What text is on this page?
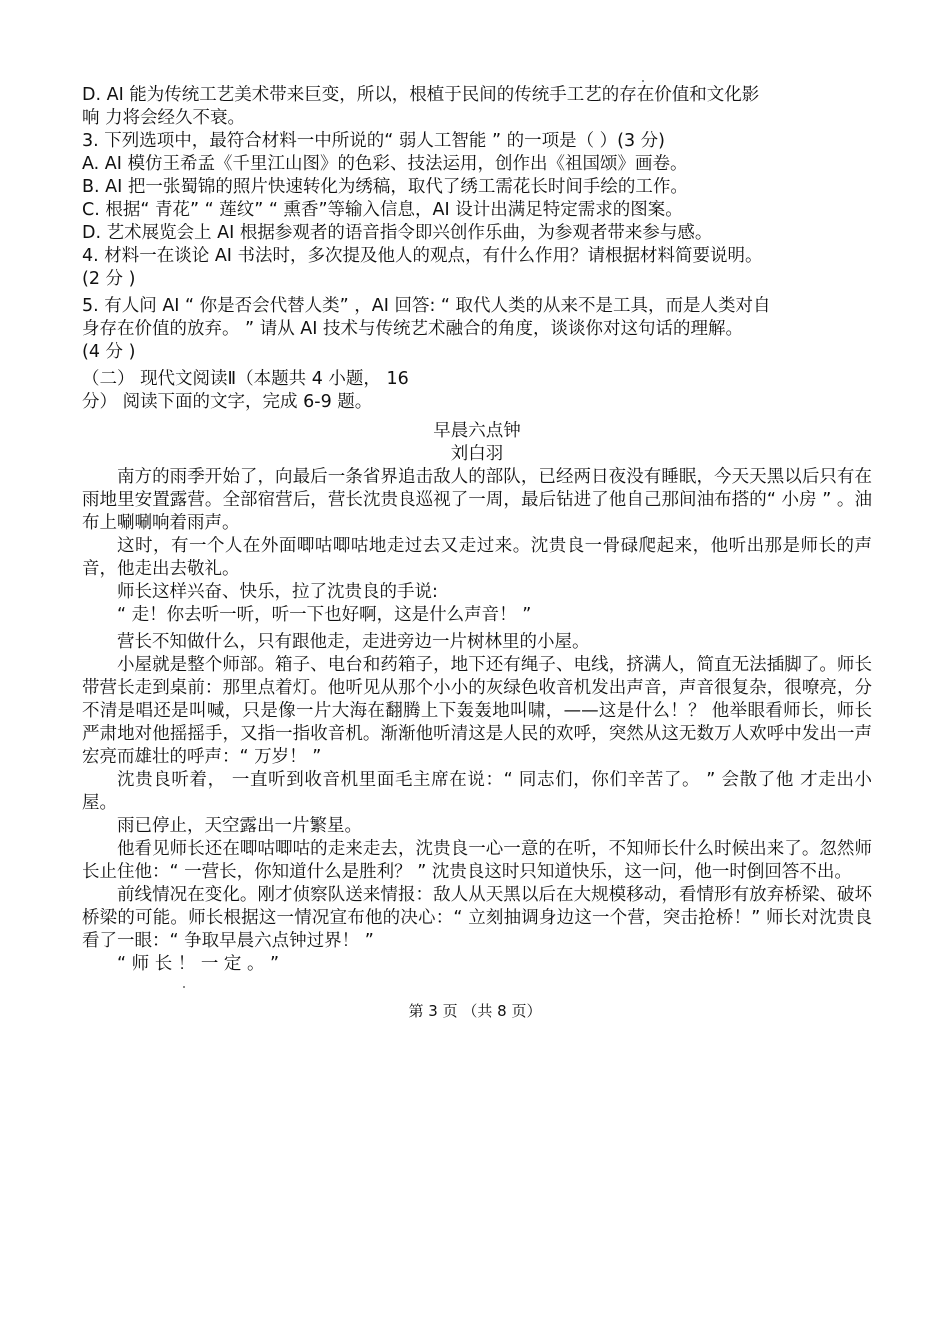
D. AI 能为传统工艺美术带来巨变，所以，根植于民间的传统手工艺的存在价值和文化影

响 力将会经久不衰。

3. 下列选项中，最符合材料一中所说的“ 弱人工智能 ” 的一项是（ ）(3 分)

A. AI 模仿王希孟《千里江山图》的色彩、技法运用，创作出《祖国颂》画卷。

B. AI 把一张蜀锦的照片快速转化为绣稿，取代了绣工需花长时间手绘的工作。

C. 根据“ 青花” “ 莲纹” “ 熏香”等输入信息，AI 设计出满足特定需求的图案。

D. 艺术展览会上 AI 根据参观者的语音指令即兴创作乐曲，为参观者带来参与感。

4. 材料一在谈论 AI 书法时，多次提及他人的观点，有什么作用？请根据材料简要说明。

(2 分 )

5. 有人问 AI “ 你是否会代替人类” ，AI 回答: “ 取代人类的从来不是工具，而是人类对自

身存在价值的放弃。 ” 请从 AI 技术与传统艺术融合的角度，谈谈你对这句话的理解。

(4 分 )

（二） 现代文阅读Ⅱ（本题共 4 小题， 16

分） 阅读下面的文字，完成 6-9 题。

早晨六点钟

刘白羽

南方的雨季开始了，向最后一条省界追击敌人的部队，已经两日夜没有睡眠，今天天黑以后只有在雨地里安置露营。全部宿营后，营长沈贵良巡视了一周，最后钻进了他自己那间油布搭的“ 小房 ” 。油布上唰唰响着雨声。

这时，有一个人在外面唧咕唧咕地走过去又走过来。沈贵良一骨碌爬起来，他听出那是师长的声音，他走出去敬礼。

师长这样兴奋、快乐，拉了沈贵良的手说:

“ 走！你去听一听，听一下也好啊，这是什么声音！ ”

营长不知做什么，只有跟他走，走进旁边一片树林里的小屋。

小屋就是整个师部。箱子、电台和药箱子，地下还有绳子、电线，挤满人，简直无法插脚了。师长带营长走到桌前：那里点着灯。他听见从那个小小的灰绿色收音机发出声音，声音很复杂，很嘹亮，分不清是唱还是叫喊，只是像一片大海在翻腾上下轰轰地叫啸，——这是什么！？ 他举眼看师长，师长严肃地对他摇摇手，又指一指收音机。渐渐他听清这是人民的欢呼，突然从这无数万人欢呼中发出一声宏亮而雄壮的呼声：“ 万岁！ ”

沈贵良听着， 一直听到收音机里面毛主席在说：“ 同志们，你们辛苦了。 ” 会散了他 才走出小屋。

雨已停止，天空露出一片繁星。

他看见师长还在唧咕唧咕的走来走去，沈贵良一心一意的在听，不知师长什么时候出来了。忽然师长止住他：“ 一营长，你知道什么是胜利？ ” 沈贵良这时只知道快乐，这一问，他一时倒回答不出。

前线情况在变化。刚才侦察队送来情报：敌人从天黑以后在大规模移动，看情形有放弃桥梁、破坏桥梁的可能。师长根据这一情况宣布他的决心：“ 立刻抽调身边这一个营，突击抢桥！” 师长对沈贵良看了一眼：“ 争取早晨六点钟过界！ ”

“ 师 长 ！ 一 定 。 ”

第 3 页 （共 8 页）
